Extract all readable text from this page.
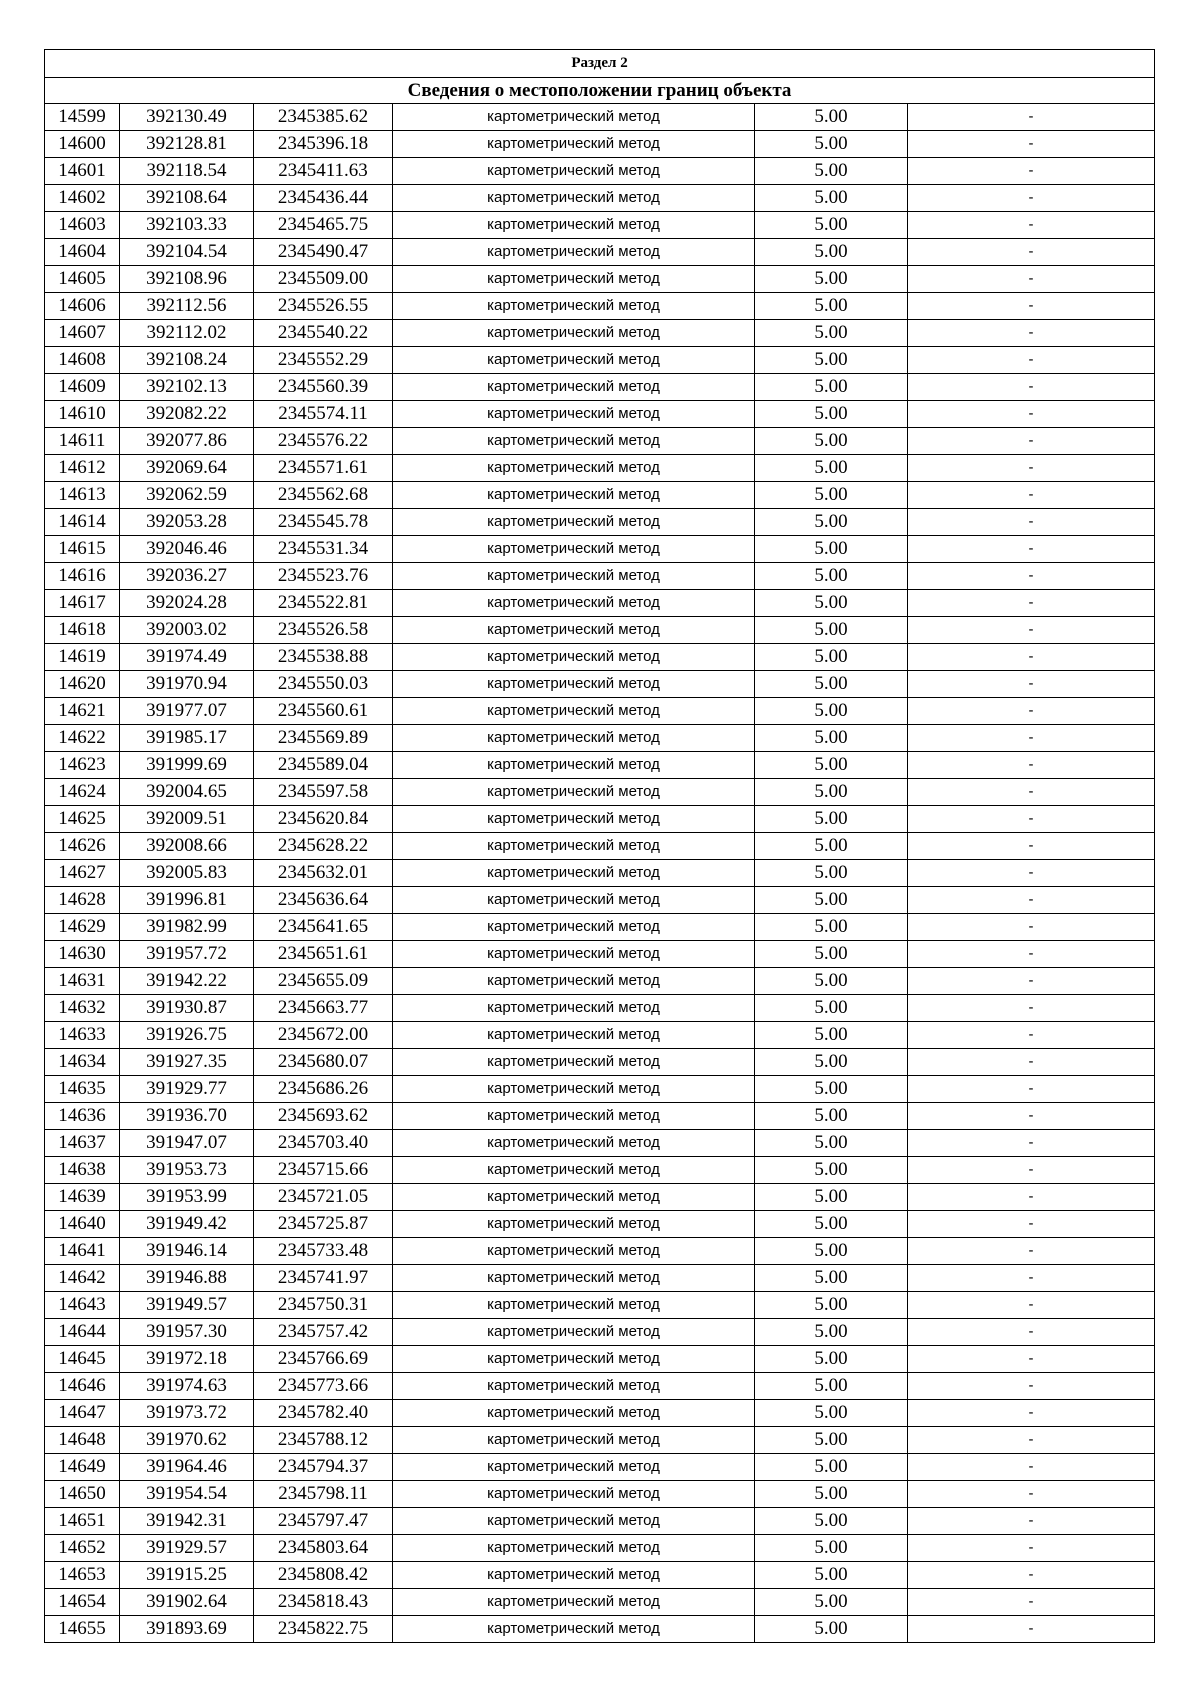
Раздел 2					
Сведения о местоположении границ объекта					
14599	392130.49	2345385.62	картометрический метод	5.00	-
14600	392128.81	2345396.18	картометрический метод	5.00	-
14601	392118.54	2345411.63	картометрический метод	5.00	-
14602	392108.64	2345436.44	картометрический метод	5.00	-
14603	392103.33	2345465.75	картометрический метод	5.00	-
14604	392104.54	2345490.47	картометрический метод	5.00	-
14605	392108.96	2345509.00	картометрический метод	5.00	-
14606	392112.56	2345526.55	картометрический метод	5.00	-
14607	392112.02	2345540.22	картометрический метод	5.00	-
14608	392108.24	2345552.29	картометрический метод	5.00	-
14609	392102.13	2345560.39	картометрический метод	5.00	-
14610	392082.22	2345574.11	картометрический метод	5.00	-
14611	392077.86	2345576.22	картометрический метод	5.00	-
14612	392069.64	2345571.61	картометрический метод	5.00	-
14613	392062.59	2345562.68	картометрический метод	5.00	-
14614	392053.28	2345545.78	картометрический метод	5.00	-
14615	392046.46	2345531.34	картометрический метод	5.00	-
14616	392036.27	2345523.76	картометрический метод	5.00	-
14617	392024.28	2345522.81	картометрический метод	5.00	-
14618	392003.02	2345526.58	картометрический метод	5.00	-
14619	391974.49	2345538.88	картометрический метод	5.00	-
14620	391970.94	2345550.03	картометрический метод	5.00	-
14621	391977.07	2345560.61	картометрический метод	5.00	-
14622	391985.17	2345569.89	картометрический метод	5.00	-
14623	391999.69	2345589.04	картометрический метод	5.00	-
14624	392004.65	2345597.58	картометрический метод	5.00	-
14625	392009.51	2345620.84	картометрический метод	5.00	-
14626	392008.66	2345628.22	картометрический метод	5.00	-
14627	392005.83	2345632.01	картометрический метод	5.00	-
14628	391996.81	2345636.64	картометрический метод	5.00	-
14629	391982.99	2345641.65	картометрический метод	5.00	-
14630	391957.72	2345651.61	картометрический метод	5.00	-
14631	391942.22	2345655.09	картометрический метод	5.00	-
14632	391930.87	2345663.77	картометрический метод	5.00	-
14633	391926.75	2345672.00	картометрический метод	5.00	-
14634	391927.35	2345680.07	картометрический метод	5.00	-
14635	391929.77	2345686.26	картометрический метод	5.00	-
14636	391936.70	2345693.62	картометрический метод	5.00	-
14637	391947.07	2345703.40	картометрический метод	5.00	-
14638	391953.73	2345715.66	картометрический метод	5.00	-
14639	391953.99	2345721.05	картометрический метод	5.00	-
14640	391949.42	2345725.87	картометрический метод	5.00	-
14641	391946.14	2345733.48	картометрический метод	5.00	-
14642	391946.88	2345741.97	картометрический метод	5.00	-
14643	391949.57	2345750.31	картометрический метод	5.00	-
14644	391957.30	2345757.42	картометрический метод	5.00	-
14645	391972.18	2345766.69	картометрический метод	5.00	-
14646	391974.63	2345773.66	картометрический метод	5.00	-
14647	391973.72	2345782.40	картометрический метод	5.00	-
14648	391970.62	2345788.12	картометрический метод	5.00	-
14649	391964.46	2345794.37	картометрический метод	5.00	-
14650	391954.54	2345798.11	картометрический метод	5.00	-
14651	391942.31	2345797.47	картометрический метод	5.00	-
14652	391929.57	2345803.64	картометрический метод	5.00	-
14653	391915.25	2345808.42	картометрический метод	5.00	-
14654	391902.64	2345818.43	картометрический метод	5.00	-
14655	391893.69	2345822.75	картометрический метод	5.00	-
